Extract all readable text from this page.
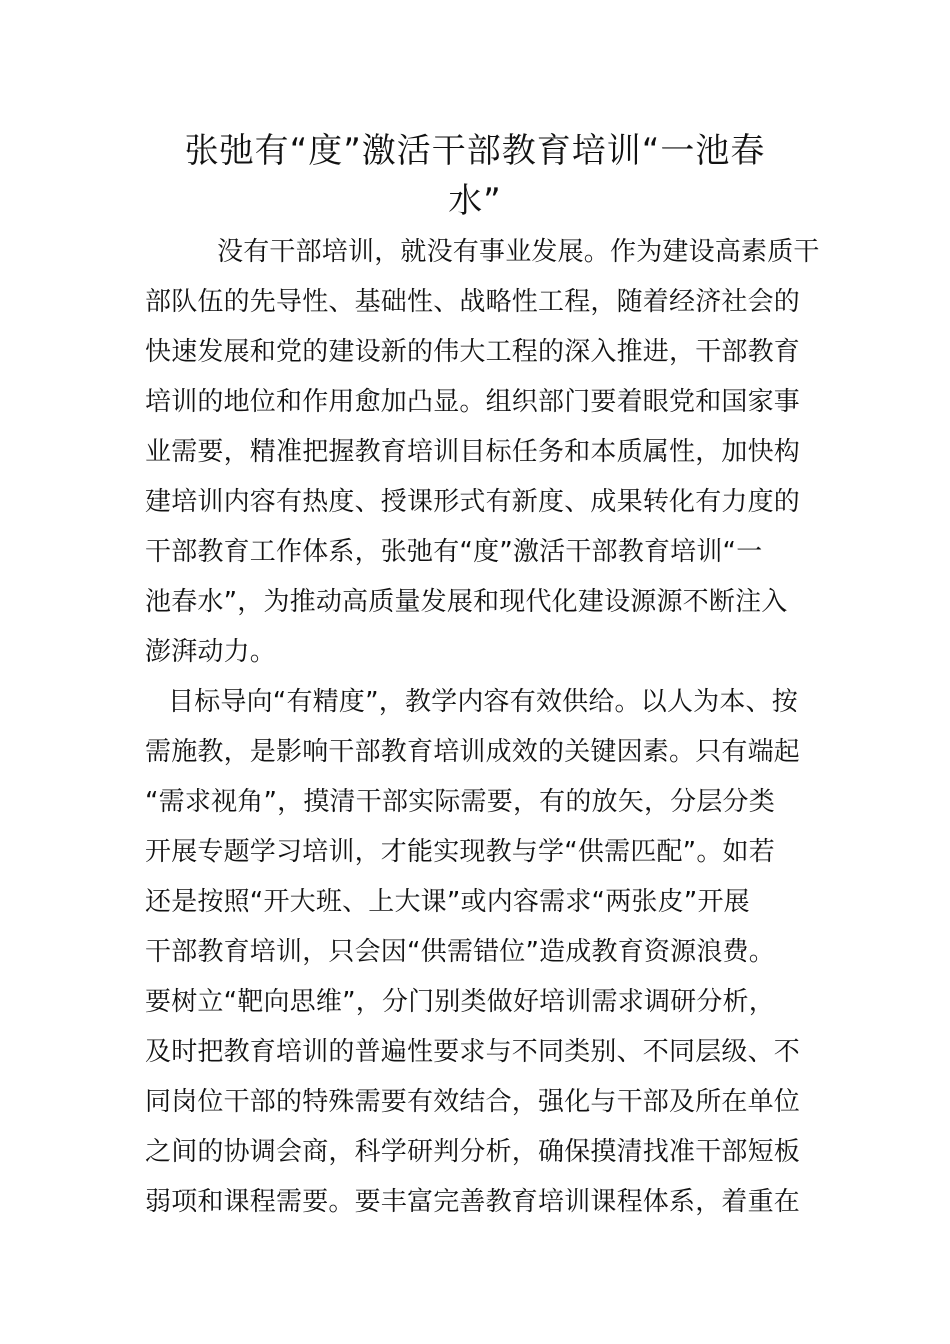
张弛有“度”激活干部教育培训“一池春
水”
没有干部培训，就没有事业发展。作为建设高素质干
部队伍的先导性、基础性、战略性工程，随着经济社会的
快速发展和党的建设新的伟大工程的深入推进，干部教育
培训的地位和作用愈加凸显。组织部门要着眼党和国家事
业需要，精准把握教育培训目标任务和本质属性，加快构
建培训内容有热度、授课形式有新度、成果转化有力度的
干部教育工作体系，张弛有“度”激活干部教育培训“一
池春水”，为推动高质量发展和现代化建设源源不断注入
澎湃动力。
目标导向“有精度”，教学内容有效供给。以人为本、按
需施教，是影响干部教育培训成效的关键因素。只有端起
“需求视角”，摸清干部实际需要，有的放矢，分层分类
开展专题学习培训，才能实现教与学“供需匹配”。如若
还是按照“开大班、上大课”或内容需求“两张皮”开展
干部教育培训，只会因“供需错位”造成教育资源浪费。
要树立“靶向思维”，分门别类做好培训需求调研分析，
及时把教育培训的普遍性要求与不同类别、不同层级、不
同岗位干部的特殊需要有效结合，强化与干部及所在单位
之间的协调会商，科学研判分析，确保摸清找准干部短板
弱项和课程需要。要丰富完善教育培训课程体系，着重在
